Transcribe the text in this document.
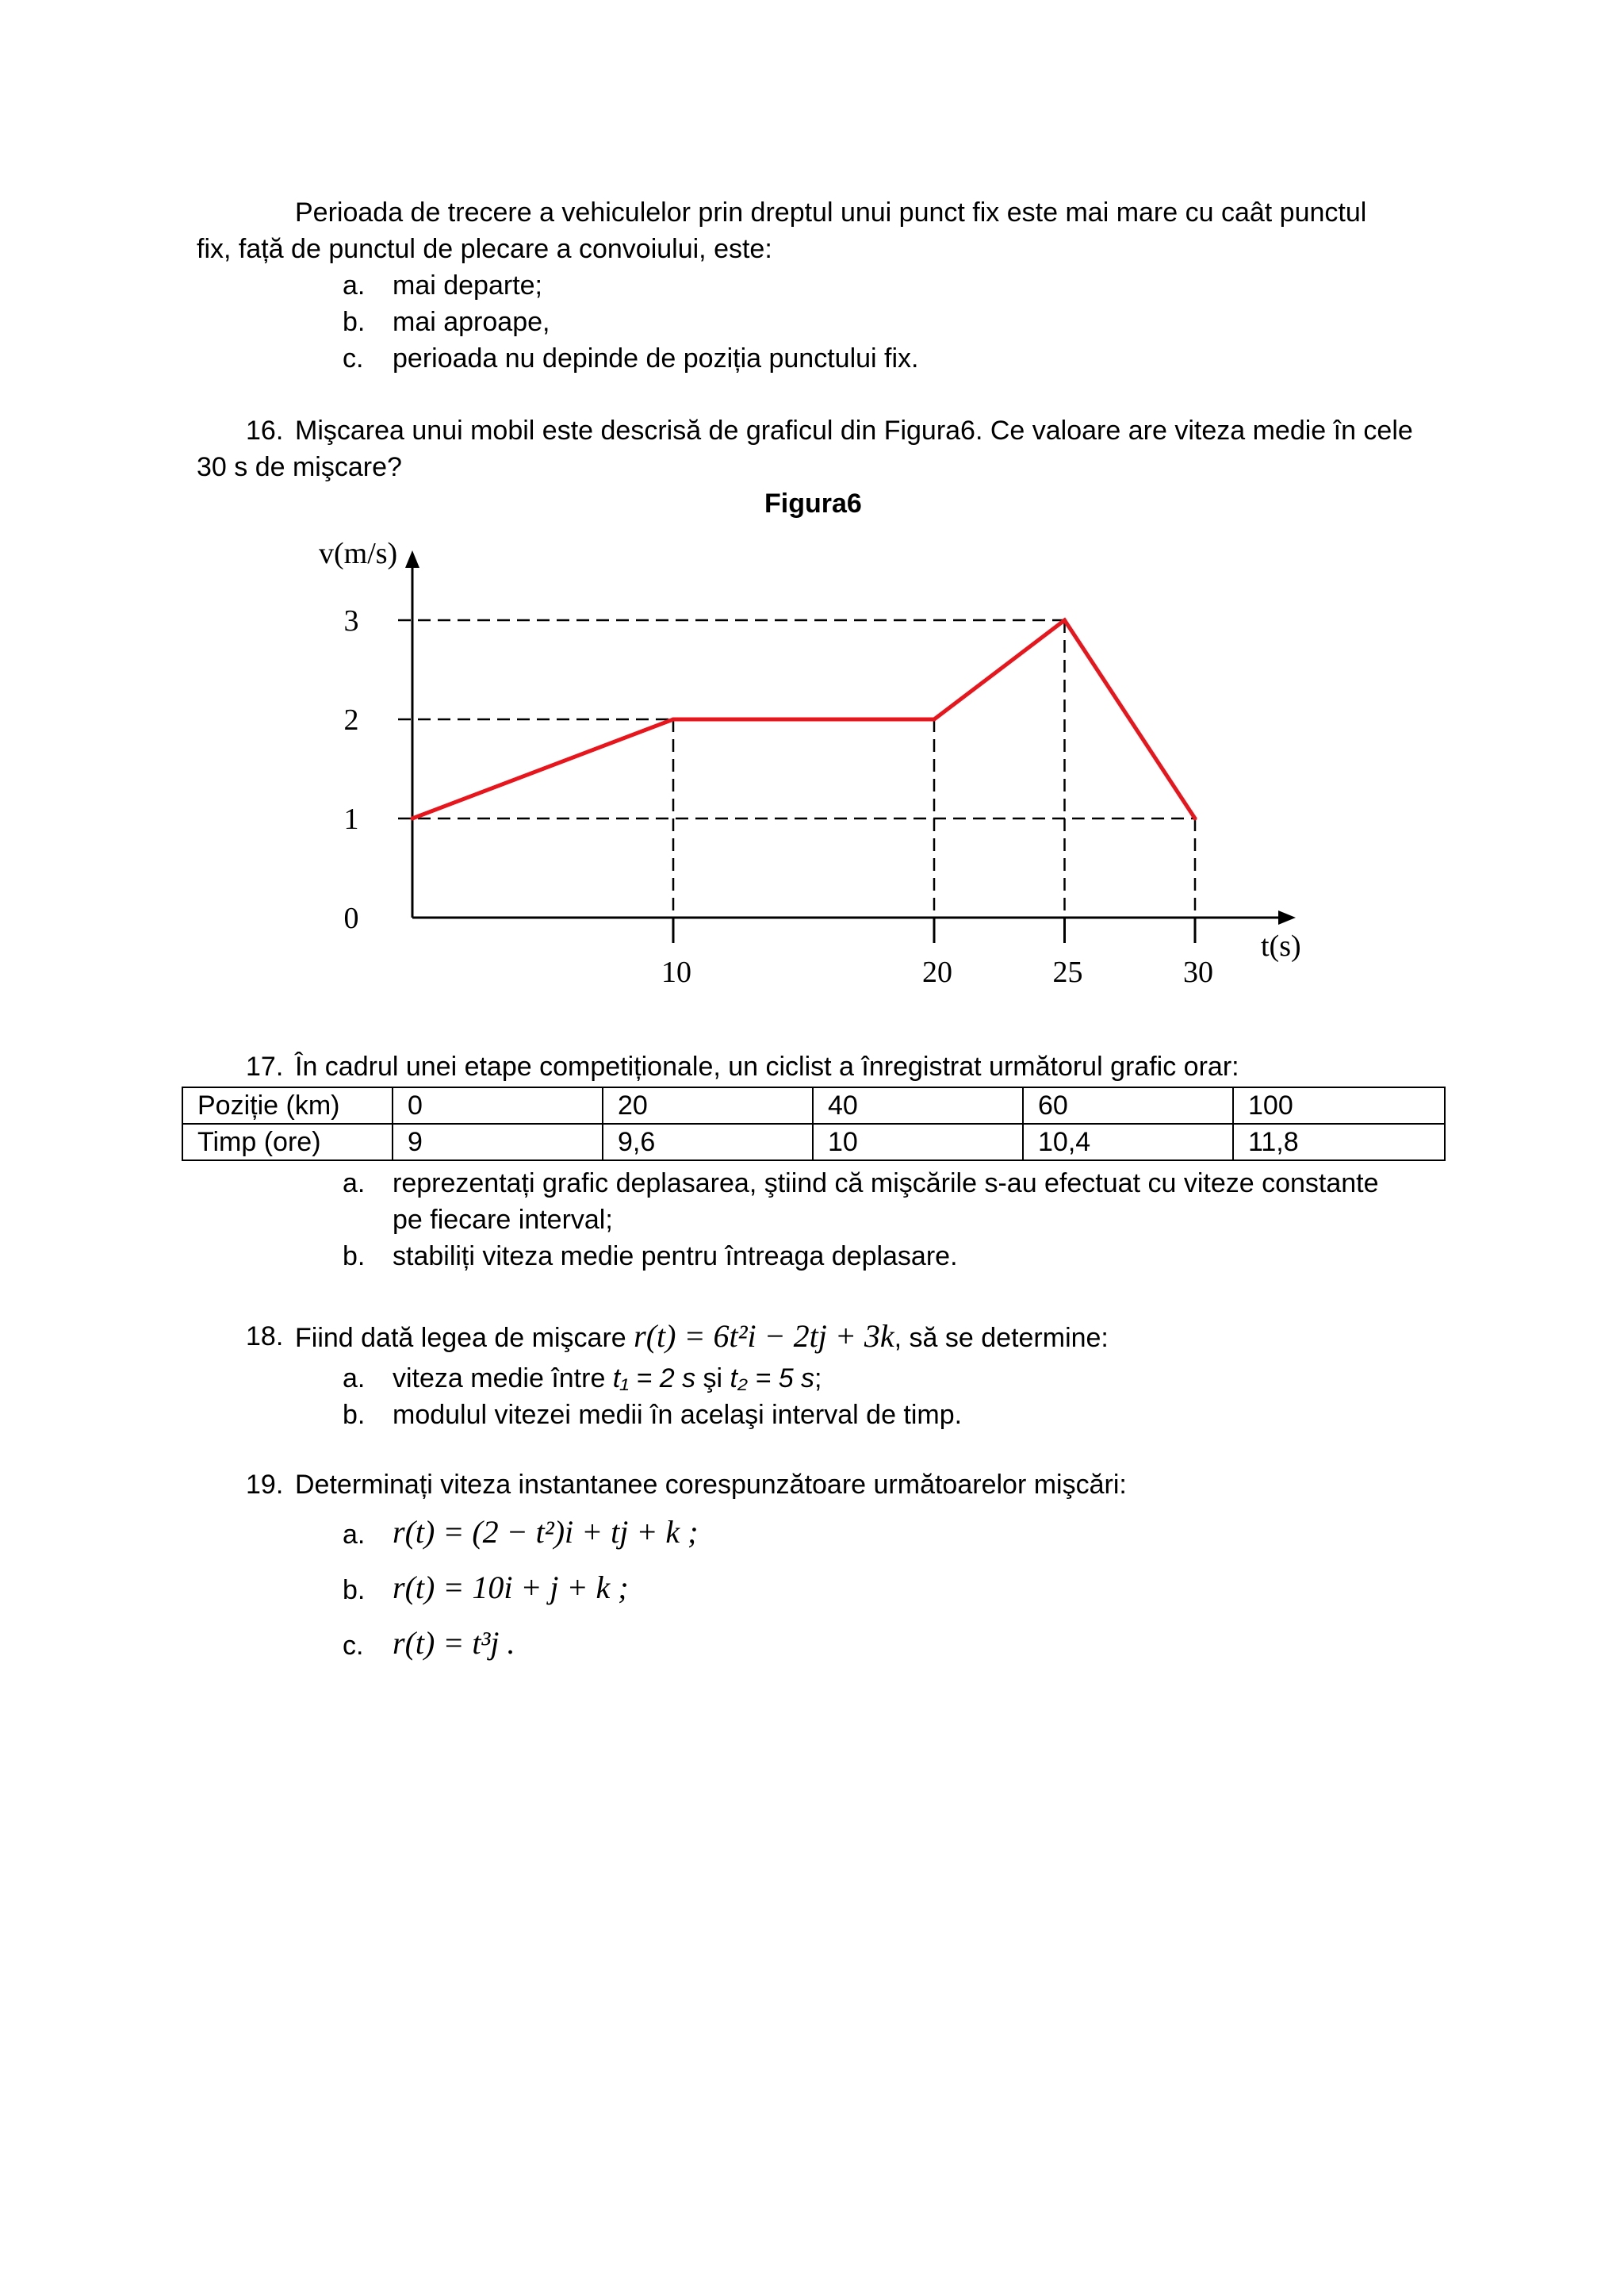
Perioada de trecere a vehiculelor prin dreptul unui punct fix este mai mare cu caât punctul
fix, față de punctul de plecare a convoiului, este:
a. mai departe;
b. mai aproape,
c. perioada nu depinde de poziția punctului fix.
16. Mişcarea unui mobil este descrisă de graficul din Figura6. Ce valoare are viteza medie în cele
30 s de mişcare?
Figura6
10	20	25	30
0
1
2
3
v(m/s)
t(s)
17. În cadrul unei etape competiționale, un ciclist a înregistrat următorul grafic orar:
Poziție (km)	0	20	40	60	100
Timp (ore)	9	9,6	10	10,4	11,8
a. reprezentați grafic deplasarea, ştiind că mişcările s-au efectuat cu viteze constante
pe fiecare interval;
b. stabiliți viteza medie pentru întreaga deplasare.
18. Fiind dată legea de mişcare r(t) = 6t²i − 2tj + 3k, să se determine:
a. viteza medie între t₁ = 2 s şi t₂ = 5 s;
b. modulul vitezei medii în acelaşi interval de timp.
19. Determinați viteza instantanee corespunzătoare următoarelor mişcări:
a. r(t) = (2 − t²)i + tj + k ;
b. r(t) = 10i + j + k ;
c. r(t) = t³j .
